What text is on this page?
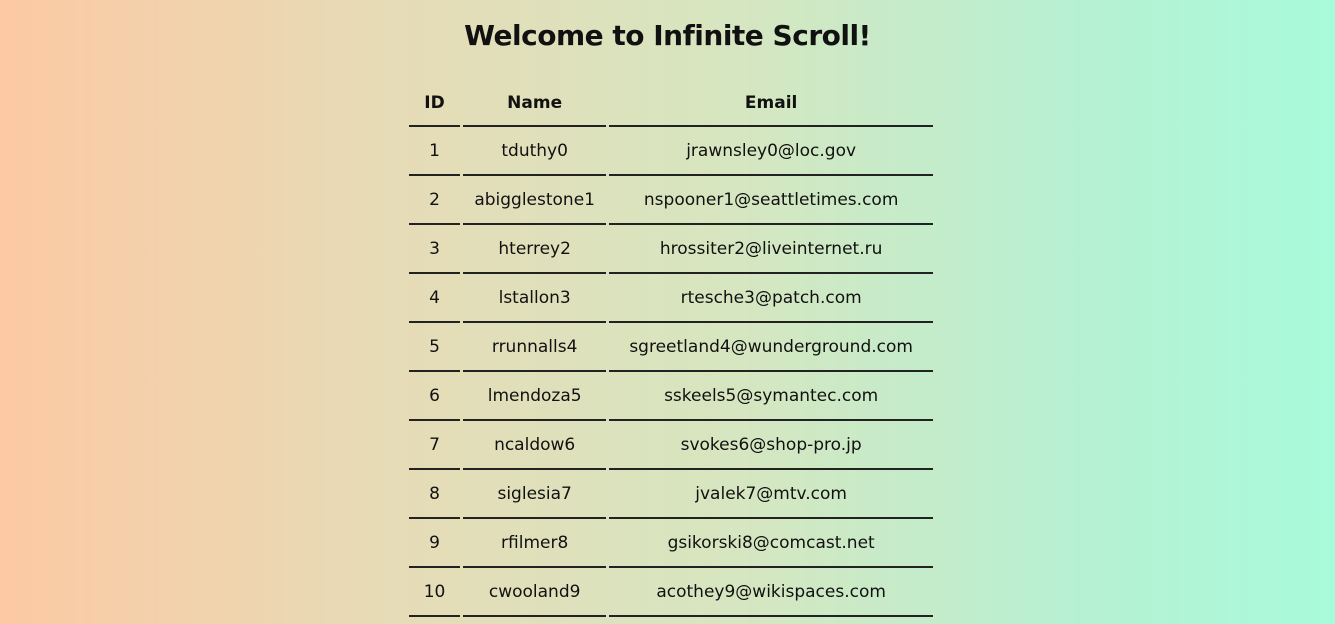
Welcome to Infinite Scroll!
ID	Name	Email
1	tduthy0	jrawnsley0@loc.gov
2	abigglestone1	nspooner1@seattletimes.com
3	hterrey2	hrossiter2@liveinternet.ru
4	lstallon3	rtesche3@patch.com
5	rrunnalls4	sgreetland4@wunderground.com
6	lmendoza5	sskeels5@symantec.com
7	ncaldow6	svokes6@shop-pro.jp
8	siglesia7	jvalek7@mtv.com
9	rfilmer8	gsikorski8@comcast.net
10	cwooland9	acothey9@wikispaces.com
